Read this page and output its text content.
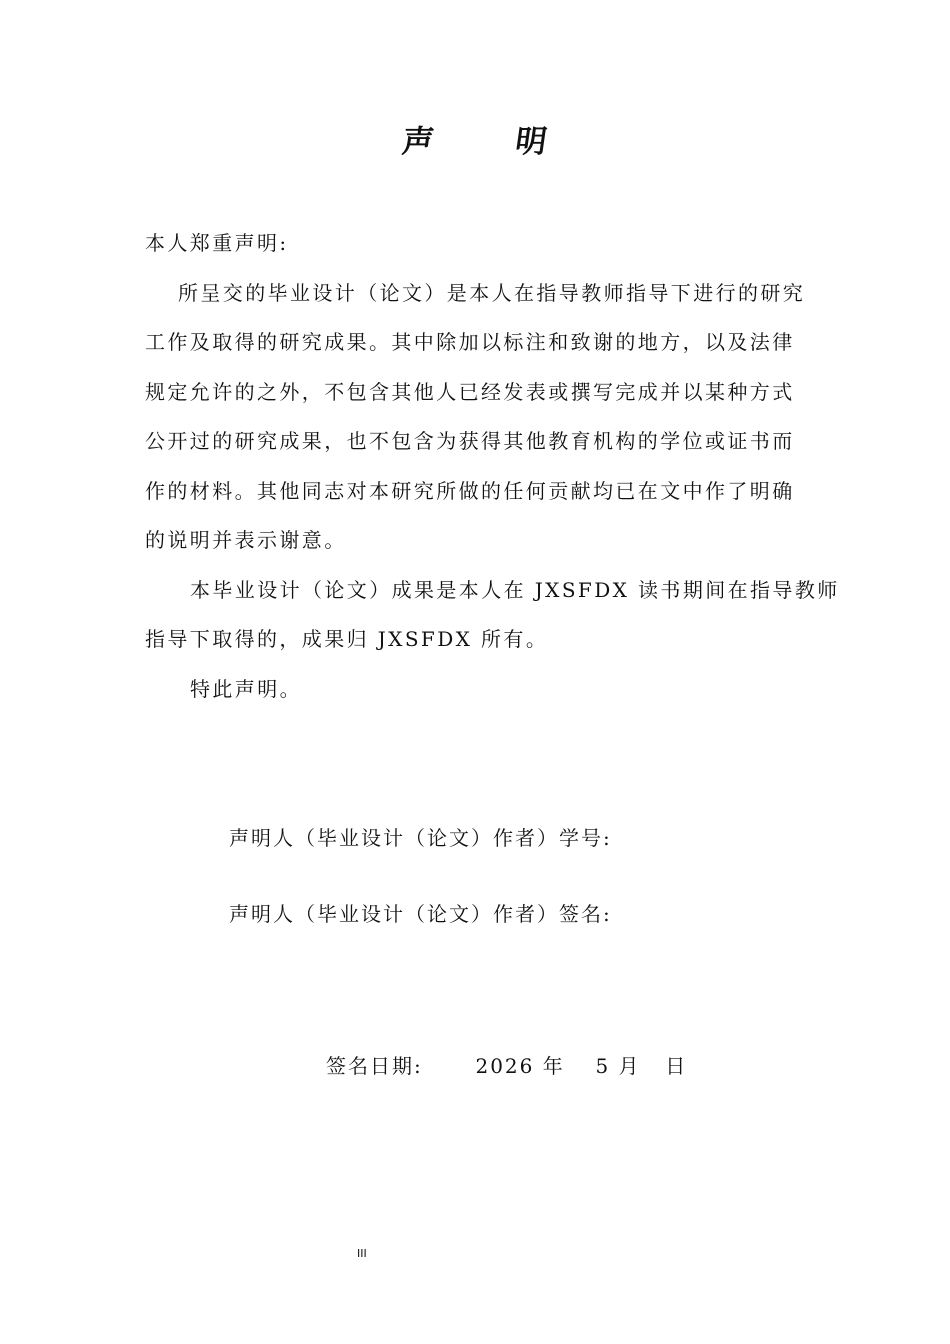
声 明
本人郑重声明:
所呈交的毕业设计（论文）是本人在指导教师指导下进行的研究
工作及取得的研究成果。其中除加以标注和致谢的地方，以及法律
规定允许的之外，不包含其他人已经发表或撰写完成并以某种方式
公开过的研究成果，也不包含为获得其他教育机构的学位或证书而
作的材料。其他同志对本研究所做的任何贡献均已在文中作了明确
的说明并表示谢意。
本毕业设计（论文）成果是本人在 JXSFDX 读书期间在指导教师
指导下取得的，成果归 JXSFDX 所有。
特此声明。
声明人（毕业设计（论文）作者）学号:
声明人（毕业设计（论文）作者）签名:
签名日期:	2026 年 5 月 日
III
